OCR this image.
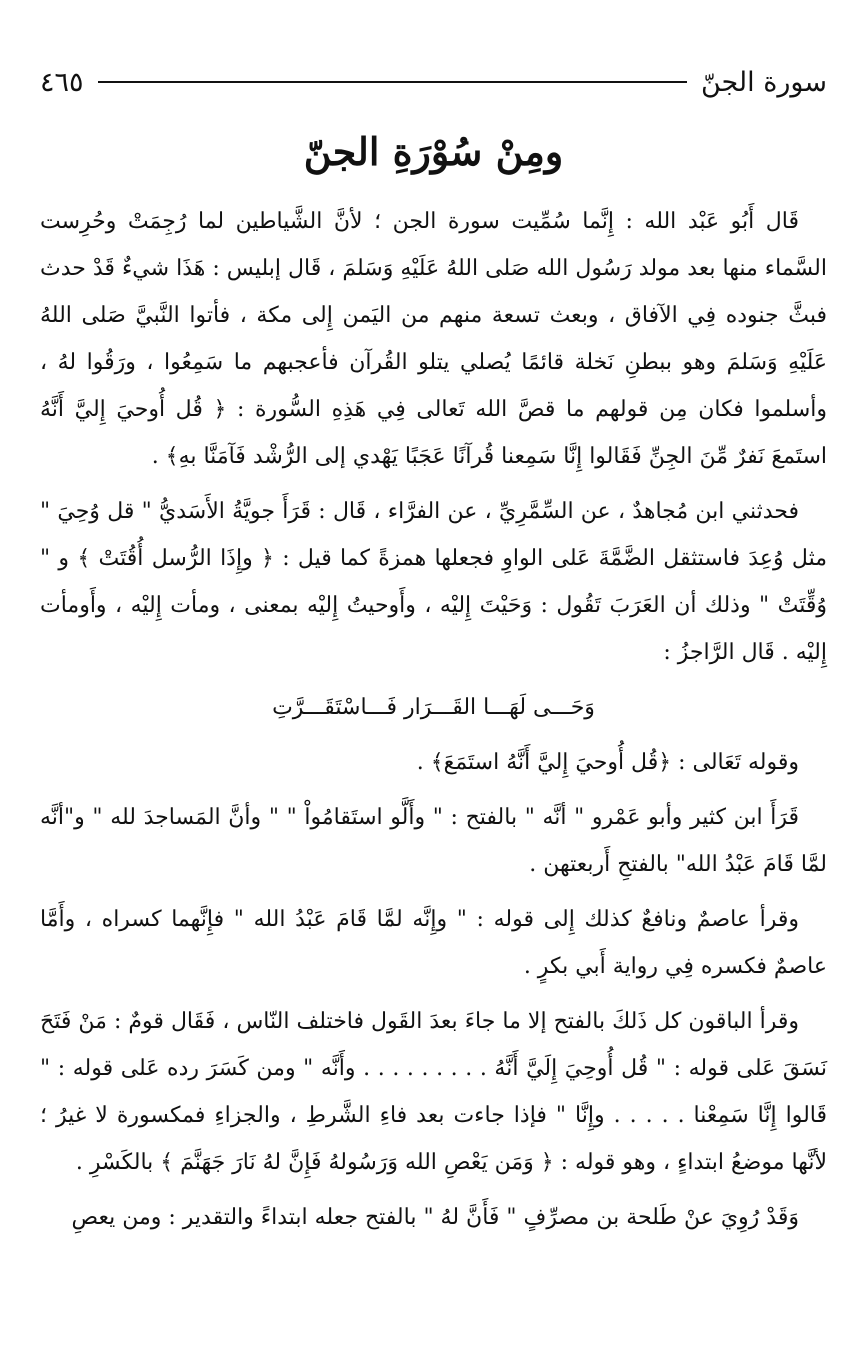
سورة الجنّ
٤٦٥
ومِنْ سُوْرَةِ الجنّ

قَال أَبُو عَبْد الله : إِنَّما سُمِّيت سورة الجن ؛ لأنَّ الشَّياطين لما رُجِمَتْ وحُرِست السَّماء منها بعد مولد رَسُول الله صَلى اللهُ عَلَيْهِ وَسَلمَ ، قَال إبليس : هَذَا شيءٌ قَدْ حدث فبثَّ جنوده فِي الآفاق ، وبعث تسعة منهم من اليَمن إِلى مكة ، فأتوا النَّبيَّ صَلى اللهُ عَلَيْهِ وَسَلمَ وهو ببطنِ نَخلة قائمًا يُصلي يتلو القُرآن فأعجبهم ما سَمِعُوا ، ورَقُوا لهُ ، وأسلموا فكان مِن قولهم ما قصَّ الله تَعالى فِي هَذِهِ السُّورة : ﴿ قُل أُوحيَ إِليَّ أَنَّهُ استَمعَ نَفرٌ مِّنَ الجِنِّ فَقَالوا إِنَّا سَمِعنا قُرآنًا عَجَبًا يَهْدي إلى الرُّشْد فَآمَنَّا بهِ﴾ .

فحدثني ابن مُجاهدٌ ، عن السِّمَّرِيِّ ، عن الفرَّاء ، قَال : قَرَأَ جويَّةُ الأَسَديُّ " قل وُحِيَ " مثل وُعِدَ فاستثقل الضَّمَّةَ عَلى الواوِ فجعلها همزةً كما قيل : ﴿ وإِذَا الرُّسل أُقُتَتْ ﴾ و " وُقِّتَتْ " وذلك أن العَرَبَ تَقُول : وَحَيْتَ إِليْه ، وأَوحيتُ إِليْه بمعنى ، ومأت إِليْه ، وأَومأت إِليْه . قَال الرَّاجزُ :

وَحَـــى لَهَـــا القَـــرَار فَـــاسْتَقَـــرَّتِ

وقوله تَعَالى : ﴿قُل أُوحيَ إِليَّ أَنَّهُ استَمَعَ﴾ .

قَرَأَ ابن كثير وأبو عَمْرو " أنَّه " بالفتح : " وأَلَّو استَقامُواْ " " وأنَّ المَساجدَ لله " و"أنَّه لمَّا قَامَ عَبْدُ الله" بالفتحِ أَربعتهن .

وقرأ عاصمٌ ونافعٌ كذلك إِلى قوله : " وإِنَّه لمَّا قَامَ عَبْدُ الله " فإِنَّهما كسراه ، وأَمَّا عاصمٌ فكسره فِي رواية أَبي بكرٍ .

وقرأ الباقون كل ذَلكَ بالفتح إلا ما جاءَ بعدَ القَول فاختلف النّاس ، فَقَال قومٌ : مَنْ فَتَحَ نَسَقَ عَلى قوله : " قُل أُوحِيَ إِلَيَّ أَنَّهُ . . . . . . . . . وأَنَّه " ومن كَسَرَ رده عَلى قوله : " قَالوا إِنَّا سَمِعْنا . . . . . وإِنَّا " فإذا جاءت بعد فاءِ الشَّرطِ ، والجزاءِ فمكسورة لا غيرُ ؛ لأنَّها موضعُ ابتداءٍ ، وهو قوله : ﴿ وَمَن يَعْصِ الله وَرَسُولهُ فَإِنَّ لهُ نَارَ جَهَنَّمَ ﴾ بالكَسْرِ .

وَقَدْ رُوِيَ عنْ طَلحة بن مصرِّفٍ " فَأَنَّ لهُ " بالفتح جعله ابتداءً والتقدير : ومن يعصِ
